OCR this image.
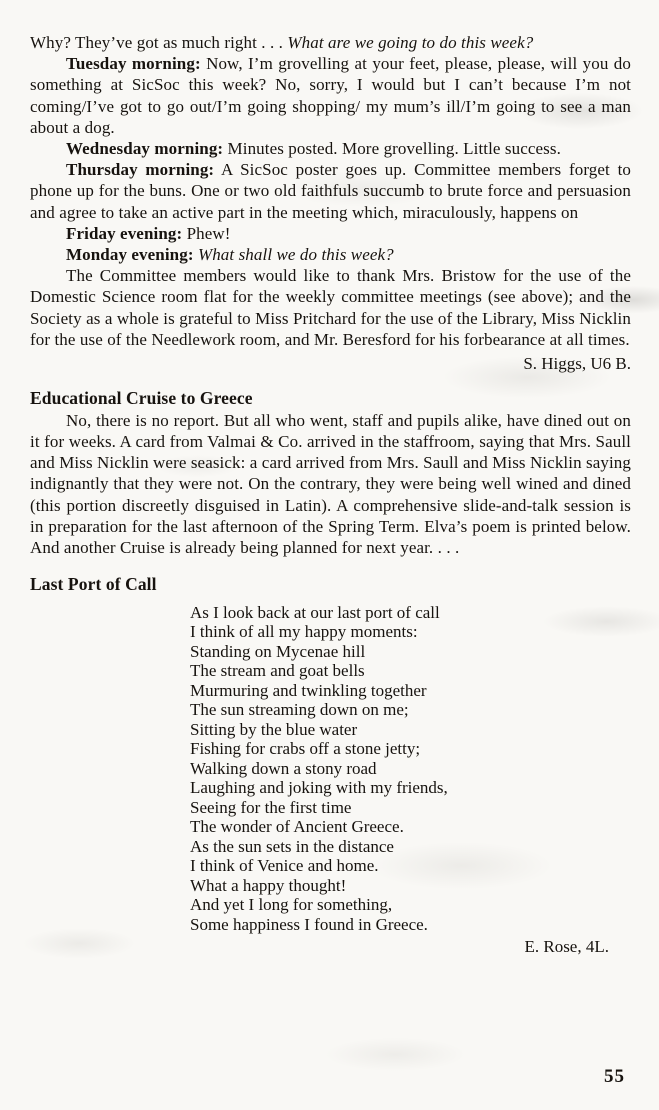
Why? They’ve got as much right . . . What are we going to do this week?

Tuesday morning: Now, I’m grovelling at your feet, please, please, will you do something at SicSoc this week? No, sorry, I would but I can’t because I’m not coming/I’ve got to go out/I’m going shopping/ my mum’s ill/I’m going to see a man about a dog.

Wednesday morning: Minutes posted. More grovelling. Little success.

Thursday morning: A SicSoc poster goes up. Committee members forget to phone up for the buns. One or two old faithfuls succumb to brute force and persuasion and agree to take an active part in the meeting which, miraculously, happens on

Friday evening: Phew!

Monday evening: What shall we do this week?

The Committee members would like to thank Mrs. Bristow for the use of the Domestic Science room flat for the weekly committee meetings (see above); and the Society as a whole is grateful to Miss Pritchard for the use of the Library, Miss Nicklin for the use of the Needlework room, and Mr. Beresford for his forbearance at all times.

S. Higgs, U6 B.

Educational Cruise to Greece

No, there is no report. But all who went, staff and pupils alike, have dined out on it for weeks. A card from Valmai & Co. arrived in the staffroom, saying that Mrs. Saull and Miss Nicklin were seasick: a card arrived from Mrs. Saull and Miss Nicklin saying indignantly that they were not. On the contrary, they were being well wined and dined (this portion discreetly disguised in Latin). A comprehensive slide-and-talk session is in preparation for the last afternoon of the Spring Term. Elva’s poem is printed below. And another Cruise is already being planned for next year. . . .

Last Port of Call
As I look back at our last port of call
I think of all my happy moments:
Standing on Mycenae hill
The stream and goat bells
Murmuring and twinkling together
The sun streaming down on me;
Sitting by the blue water
Fishing for crabs off a stone jetty;
Walking down a stony road
Laughing and joking with my friends,
Seeing for the first time
The wonder of Ancient Greece.
As the sun sets in the distance
I think of Venice and home.
What a happy thought!
And yet I long for something,
Some happiness I found in Greece.

E. Rose, 4L.

55
